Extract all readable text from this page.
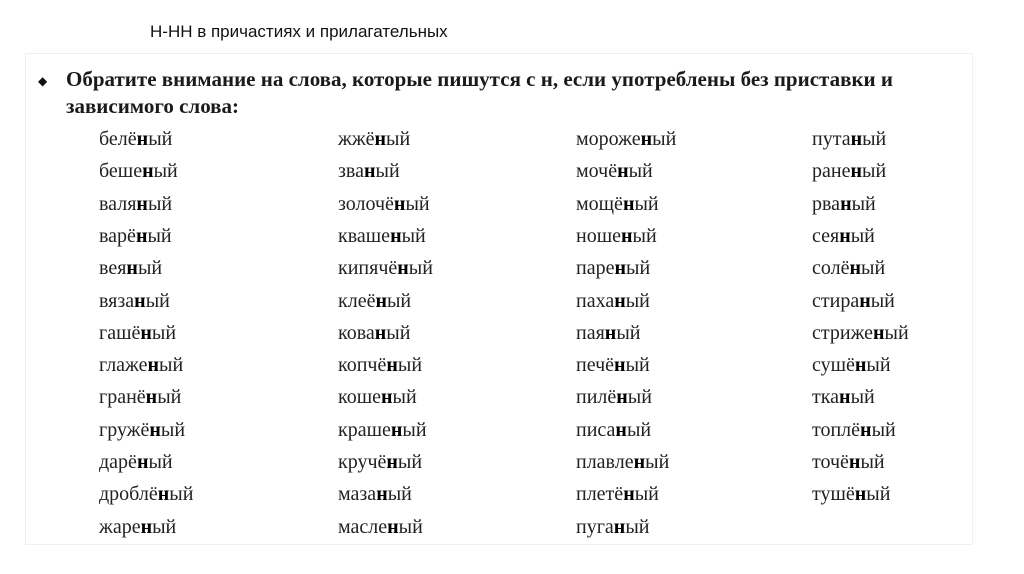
Н-НН в причастиях и прилагательных
◆ Обратите внимание на слова, которые пишутся с н, если употреблены без приставки и зависимого слова:
белёный
бешеный
валяный
варёный
веяный
вязаный
гашёный
глаженый
гранёный
гружёный
дарёный
дроблёный
жареный
жжёный
званый
золочёный
квашеный
кипячёный
клеёный
кованый
копчёный
кошеный
крашеный
кручёный
мазаный
масленый
мороженый
мочёный
мощёный
ношеный
пареный
паханый
паяный
печёный
пилёный
писаный
плавленый
плетёный
пуганый
путаный
раненый
рваный
сеяный
солёный
стираный
стриженый
сушёный
тканый
топлёный
точёный
тушёный
